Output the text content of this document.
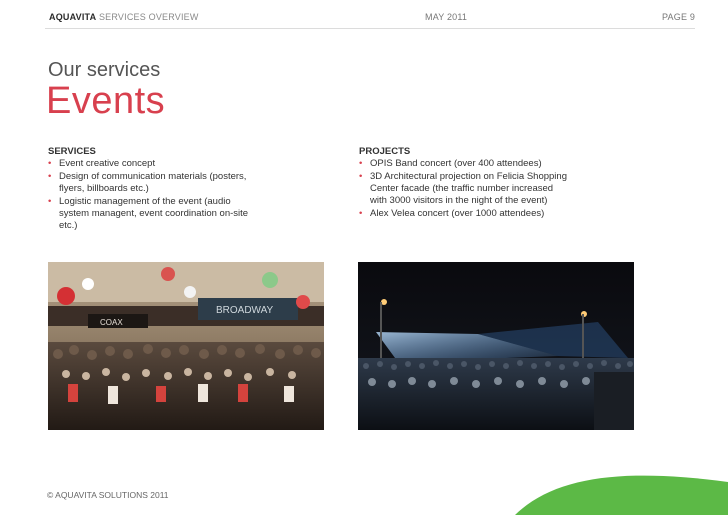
AQUAVITA SERVICES OVERVIEW	MAY 2011	PAGE 9
Our services
Events
SERVICES
• Event creative concept
• Design of communication materials (posters, flyers, billboards etc.)
• Logistic management of the event (audio system managent, event coordination on-site etc.)
PROJECTS
• OPIS Band concert (over 400 attendees)
• 3D Architectural projection on Felicia Shopping Center facade (the traffic number increased with 3000 visitors in the night of the event)
• Alex Velea concert (over 1000 attendees)
BROADWAY
COAX
© AQUAVITA SOLUTIONS 2011
